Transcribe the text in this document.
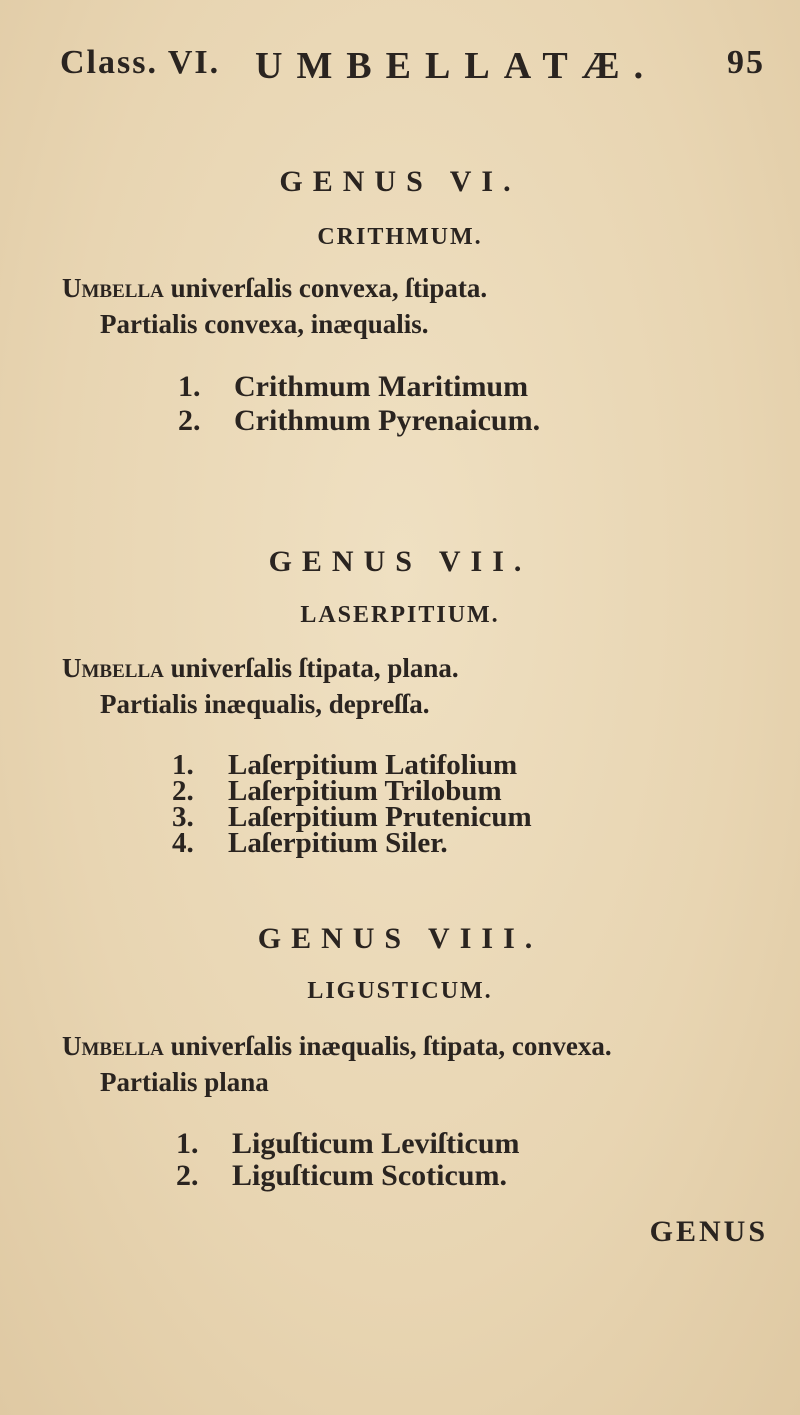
Class. VI. UMBELLATÆ. 95
GENUS VI.
CRITHMUM.
Umbella univerſalis convexa, ſtipata.
Partialis convexa, inæqualis.
1. Crithmum Maritimum
2. Crithmum Pyrenaicum.
GENUS VII.
LASERPITIUM.
Umbella univerſalis ſtipata, plana.
Partialis inæqualis, depreſſa.
1. Laſerpitium Latifolium
2. Laſerpitium Trilobum
3. Laſerpitium Prutenicum
4. Laſerpitium Siler.
GENUS VIII.
LIGUSTICUM.
Umbella univerſalis inæqualis, ſtipata, convexa.
Partialis plana
1. Liguſticum Leviſticum
2. Liguſticum Scoticum.
GENUS
